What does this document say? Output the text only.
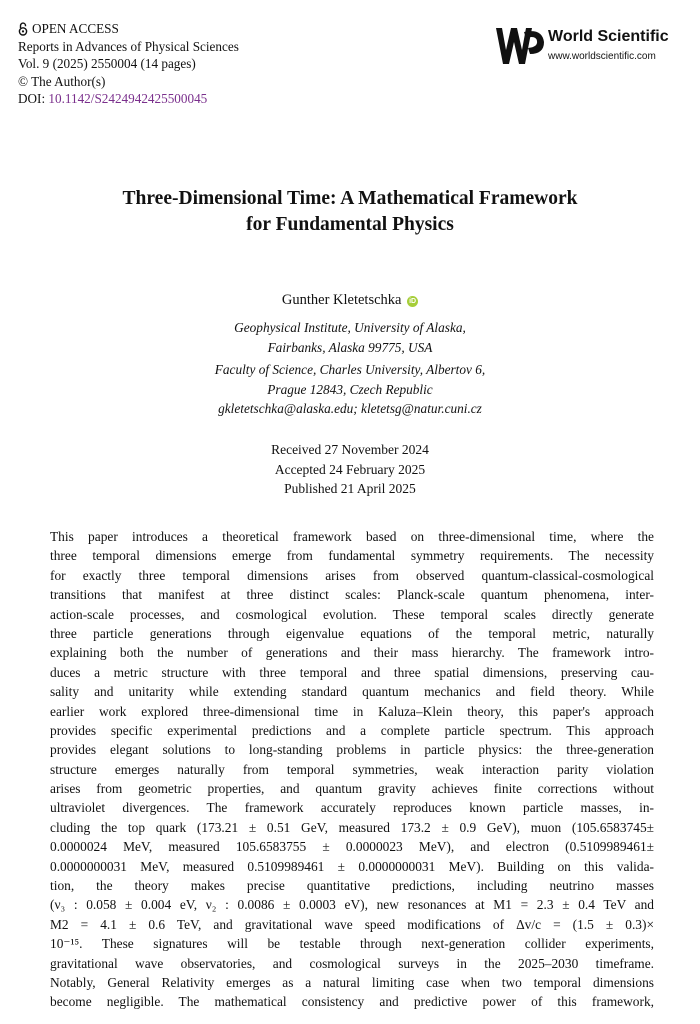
OPEN ACCESS
Reports in Advances of Physical Sciences
Vol. 9 (2025) 2550004 (14 pages)
© The Author(s)
DOI: 10.1142/S2424942425500045
World Scientific
www.worldscientific.com
Three-Dimensional Time: A Mathematical Framework
for Fundamental Physics
Gunther Kletetschka iD
Geophysical Institute, University of Alaska,
Fairbanks, Alaska 99775, USA
Faculty of Science, Charles University, Albertov 6,
Prague 12843, Czech Republic
gkletetschka@alaska.edu; kletetsg@natur.cuni.cz
Received 27 November 2024
Accepted 24 February 2025
Published 21 April 2025
This paper introduces a theoretical framework based on three-dimensional time, where the
three temporal dimensions emerge from fundamental symmetry requirements. The necessity
for exactly three temporal dimensions arises from observed quantum-classical-cosmological
transitions that manifest at three distinct scales: Planck-scale quantum phenomena, inter-
action-scale processes, and cosmological evolution. These temporal scales directly generate
three particle generations through eigenvalue equations of the temporal metric, naturally
explaining both the number of generations and their mass hierarchy. The framework intro-
duces a metric structure with three temporal and three spatial dimensions, preserving cau-
sality and unitarity while extending standard quantum mechanics and field theory. While
earlier work explored three-dimensional time in Kaluza–Klein theory, this paper's approach
provides specific experimental predictions and a complete particle spectrum. This approach
provides elegant solutions to long-standing problems in particle physics: the three-generation
structure emerges naturally from temporal symmetries, weak interaction parity violation
arises from geometric properties, and quantum gravity achieves finite corrections without
ultraviolet divergences. The framework accurately reproduces known particle masses, in-
cluding the top quark (173.21 ± 0.51 GeV, measured 173.2 ± 0.9 GeV), muon (105.6583745±
0.0000024 MeV, measured 105.6583755 ± 0.0000023 MeV), and electron (0.5109989461±
0.0000000031 MeV, measured 0.5109989461 ± 0.0000000031 MeV). Building on this valida-
tion, the theory makes precise quantitative predictions, including neutrino masses
(ν₃ : 0.058 ± 0.004 eV, ν₂ : 0.0086 ± 0.0003 eV), new resonances at M1 = 2.3 ± 0.4 TeV and
M2 = 4.1 ± 0.6 TeV, and gravitational wave speed modifications of Δv/c = (1.5 ± 0.3)×
10⁻¹⁵. These signatures will be testable through next-generation collider experiments,
gravitational wave observatories, and cosmological surveys in the 2025–2030 timeframe.
Notably, General Relativity emerges as a natural limiting case when two temporal dimensions
become negligible. The mathematical consistency and predictive power of this framework,
